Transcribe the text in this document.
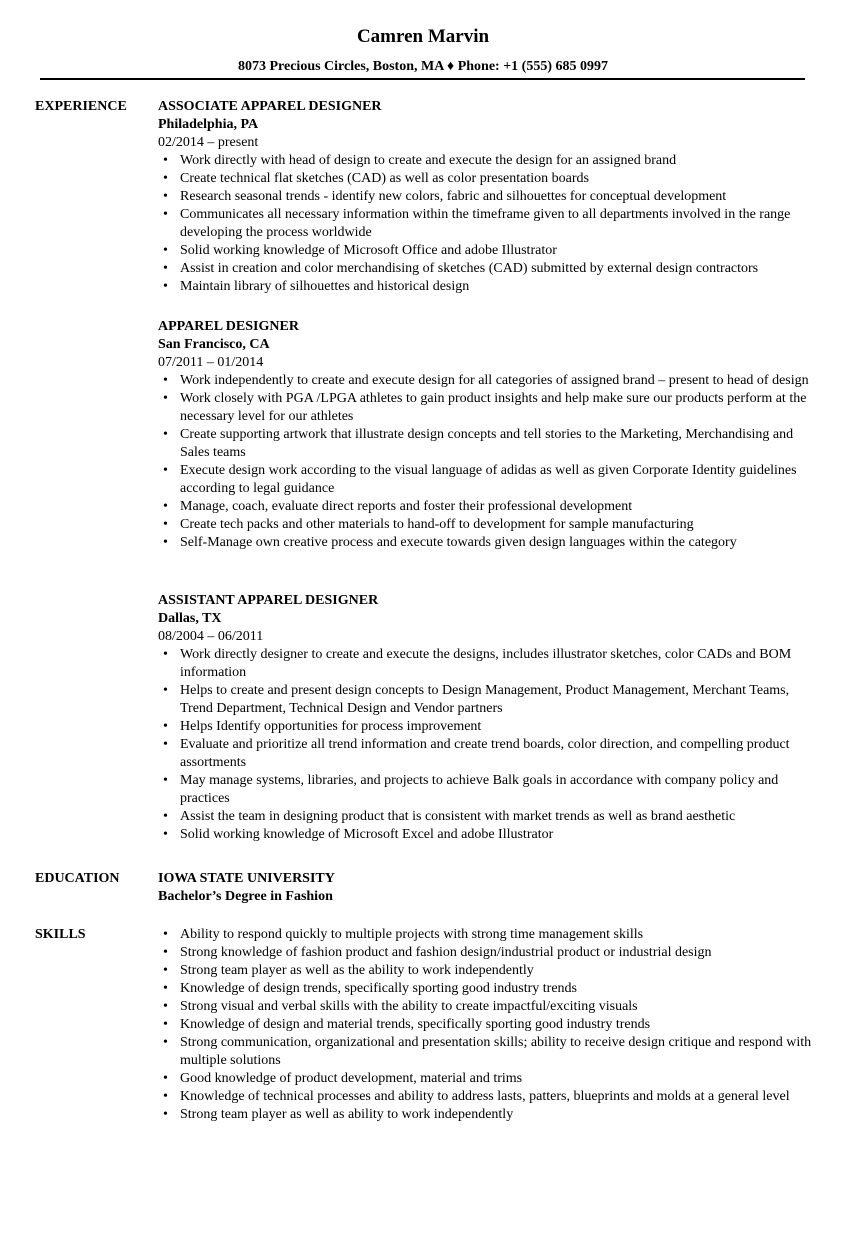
Camren Marvin
8073 Precious Circles, Boston, MA ♦ Phone: +1 (555) 685 0997
EXPERIENCE ASSOCIATE APPAREL DESIGNER
Philadelphia, PA
02/2014 – present
• Work directly with head of design to create and execute the design for an assigned brand
• Create technical flat sketches (CAD) as well as color presentation boards
• Research seasonal trends - identify new colors, fabric and silhouettes for conceptual development
• Communicates all necessary information within the timeframe given to all departments involved in the range developing the process worldwide
• Solid working knowledge of Microsoft Office and adobe Illustrator
• Assist in creation and color merchandising of sketches (CAD) submitted by external design contractors
• Maintain library of silhouettes and historical design
APPAREL DESIGNER
San Francisco, CA
07/2011 – 01/2014
• Work independently to create and execute design for all categories of assigned brand – present to head of design
• Work closely with PGA /LPGA athletes to gain product insights and help make sure our products perform at the necessary level for our athletes
• Create supporting artwork that illustrate design concepts and tell stories to the Marketing, Merchandising and Sales teams
• Execute design work according to the visual language of adidas as well as given Corporate Identity guidelines according to legal guidance
• Manage, coach, evaluate direct reports and foster their professional development
• Create tech packs and other materials to hand-off to development for sample manufacturing
• Self-Manage own creative process and execute towards given design languages within the category
ASSISTANT APPAREL DESIGNER
Dallas, TX
08/2004 – 06/2011
• Work directly designer to create and execute the designs, includes illustrator sketches, color CADs and BOM information
• Helps to create and present design concepts to Design Management, Product Management, Merchant Teams, Trend Department, Technical Design and Vendor partners
• Helps Identify opportunities for process improvement
• Evaluate and prioritize all trend information and create trend boards, color direction, and compelling product assortments
• May manage systems, libraries, and projects to achieve Balk goals in accordance with company policy and practices
• Assist the team in designing product that is consistent with market trends as well as brand aesthetic
• Solid working knowledge of Microsoft Excel and adobe Illustrator
EDUCATION	IOWA STATE UNIVERSITY
Bachelor’s Degree in Fashion
SKILLS
•	Ability to respond quickly to multiple projects with strong time management skills
• Strong knowledge of fashion product and fashion design/industrial product or industrial design
• Strong team player as well as the ability to work independently
• Knowledge of design trends, specifically sporting good industry trends
• Strong visual and verbal skills with the ability to create impactful/exciting visuals
• Knowledge of design and material trends, specifically sporting good industry trends
• Strong communication, organizational and presentation skills; ability to receive design critique and respond with multiple solutions
• Good knowledge of product development, material and trims
• Knowledge of technical processes and ability to address lasts, patters, blueprints and molds at a general level
• Strong team player as well as ability to work independently
